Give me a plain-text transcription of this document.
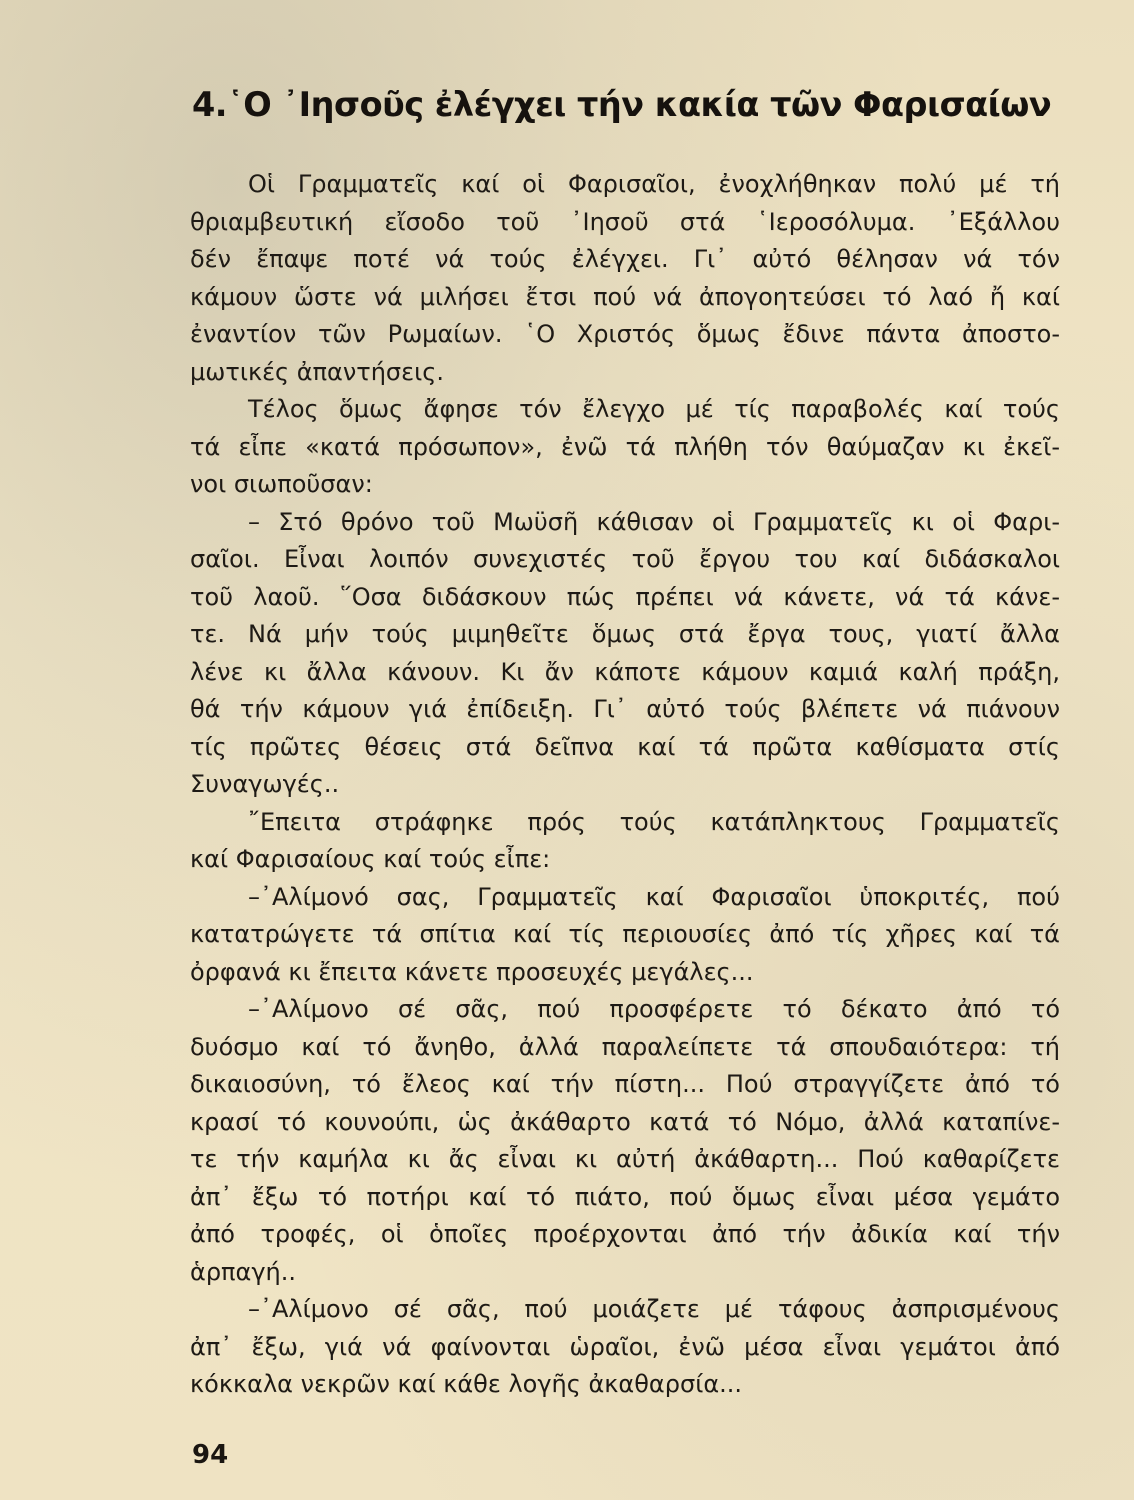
4.῾Ο ᾿Ιησοῦς ἐλέγχει τήν κακία τῶν Φαρισαίων
Οἱ Γραμματεῖς καί οἱ Φαρισαῖοι, ἐνοχλήθηκαν πολύ μέ τή
θριαμβευτική εἴσοδο τοῦ ᾿Ιησοῦ στά ῾Ιεροσόλυμα. ᾿Εξάλλου
δέν ἔπαψε ποτέ νά τούς ἐλέγχει. Γι᾿ αὐτό θέλησαν νά τόν
κάμουν ὥστε νά μιλήσει ἔτσι πού νά ἀπογοητεύσει τό λαό ἤ καί
ἐναντίον τῶν Ρωμαίων. ῾Ο Χριστός ὅμως ἔδινε πάντα ἀποστο-
μωτικές ἀπαντήσεις.
Τέλος ὅμως ἄφησε τόν ἔλεγχο μέ τίς παραβολές καί τούς
τά εἶπε «κατά πρόσωπον», ἐνῶ τά πλήθη τόν θαύμαζαν κι ἐκεῖ-
νοι σιωποῦσαν:
– Στό θρόνο τοῦ Μωϋσῆ κάθισαν οἱ Γραμματεῖς κι οἱ Φαρι-
σαῖοι. Εἶναι λοιπόν συνεχιστές τοῦ ἔργου του καί διδάσκαλοι
τοῦ λαοῦ. ῞Οσα διδάσκουν πώς πρέπει νά κάνετε, νά τά κάνε-
τε. Νά μήν τούς μιμηθεῖτε ὅμως στά ἔργα τους, γιατί ἄλλα
λένε κι ἄλλα κάνουν. Κι ἄν κάποτε κάμουν καμιά καλή πράξη,
θά τήν κάμουν γιά ἐπίδειξη. Γι᾿ αὐτό τούς βλέπετε νά πιάνουν
τίς πρῶτες θέσεις στά δεῖπνα καί τά πρῶτα καθίσματα στίς
Συναγωγές..
῎Επειτα στράφηκε πρός τούς κατάπληκτους Γραμματεῖς
καί Φαρισαίους καί τούς εἶπε:
–᾿Αλίμονό σας, Γραμματεῖς καί Φαρισαῖοι ὑποκριτές, πού
κατατρώγετε τά σπίτια καί τίς περιουσίες ἀπό τίς χῆρες καί τά
ὀρφανά κι ἔπειτα κάνετε προσευχές μεγάλες...
–᾿Αλίμονο σέ σᾶς, πού προσφέρετε τό δέκατο ἀπό τό
δυόσμο καί τό ἄνηθο, ἀλλά παραλείπετε τά σπουδαιότερα: τή
δικαιοσύνη, τό ἔλεος καί τήν πίστη... Πού στραγγίζετε ἀπό τό
κρασί τό κουνούπι, ὡς ἀκάθαρτο κατά τό Νόμο, ἀλλά καταπίνε-
τε τήν καμήλα κι ἄς εἶναι κι αὐτή ἀκάθαρτη... Πού καθαρίζετε
ἀπ᾿ ἔξω τό ποτήρι καί τό πιάτο, πού ὅμως εἶναι μέσα γεμάτο
ἀπό τροφές, οἱ ὁποῖες προέρχονται ἀπό τήν ἀδικία καί τήν
ἁρπαγή..
–᾿Αλίμονο σέ σᾶς, πού μοιάζετε μέ τάφους ἀσπρισμένους
ἀπ᾿ ἔξω, γιά νά φαίνονται ὡραῖοι, ἐνῶ μέσα εἶναι γεμάτοι ἀπό
κόκκαλα νεκρῶν καί κάθε λογῆς ἀκαθαρσία...
94
